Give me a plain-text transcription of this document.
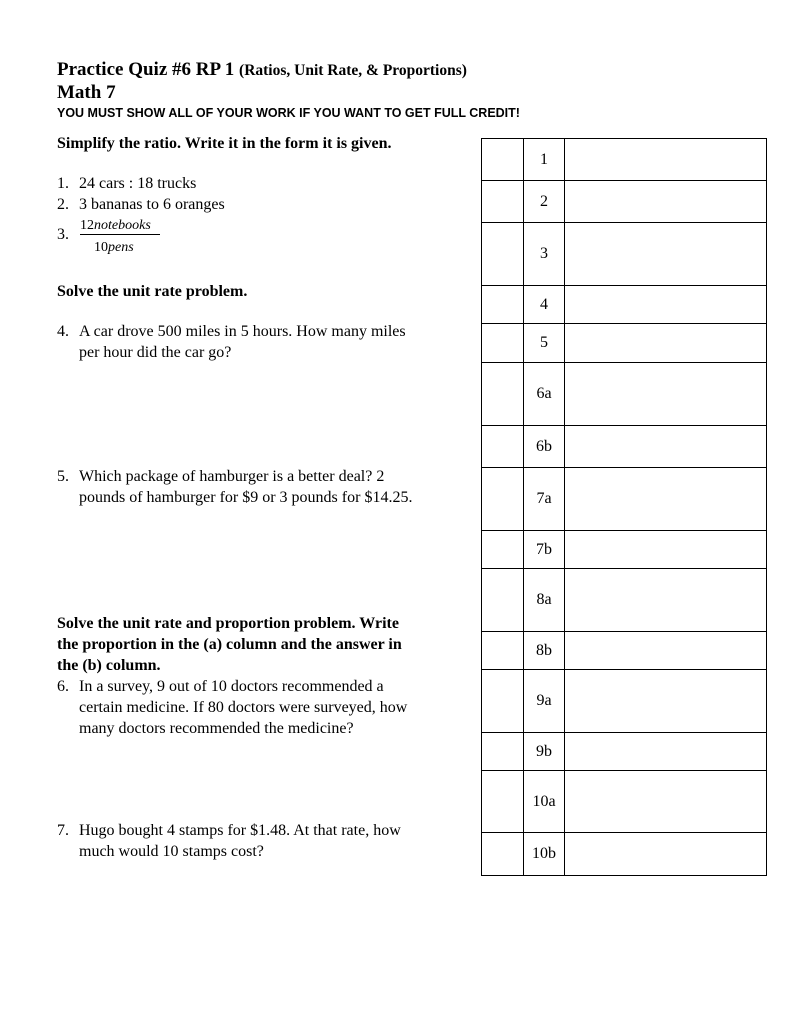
Practice Quiz #6 RP 1 (Ratios, Unit Rate, & Proportions)
Math 7
YOU MUST SHOW ALL OF YOUR WORK IF YOU WANT TO GET FULL CREDIT!
Simplify the ratio. Write it in the form it is given.
1. 24 cars : 18 trucks
2. 3 bananas to 6 oranges
3.
12notebooks
10pens
Solve the unit rate problem.
4. A car drove 500 miles in 5 hours. How many miles
per hour did the car go?
5. Which package of hamburger is a better deal? 2
pounds of hamburger for $9 or 3 pounds for $14.25.
Solve the unit rate and proportion problem. Write
the proportion in the (a) column and the answer in
the (b) column.
6. In a survey, 9 out of 10 doctors recommended a
certain medicine. If 80 doctors were surveyed, how
many doctors recommended the medicine?
7. Hugo bought 4 stamps for $1.48. At that rate, how
much would 10 stamps cost?
	1	
	2	
	3	
	4	
	5	
	6a	
	6b	
	7a	
	7b	
	8a	
	8b	
	9a	
	9b	
	10a	
	10b	
